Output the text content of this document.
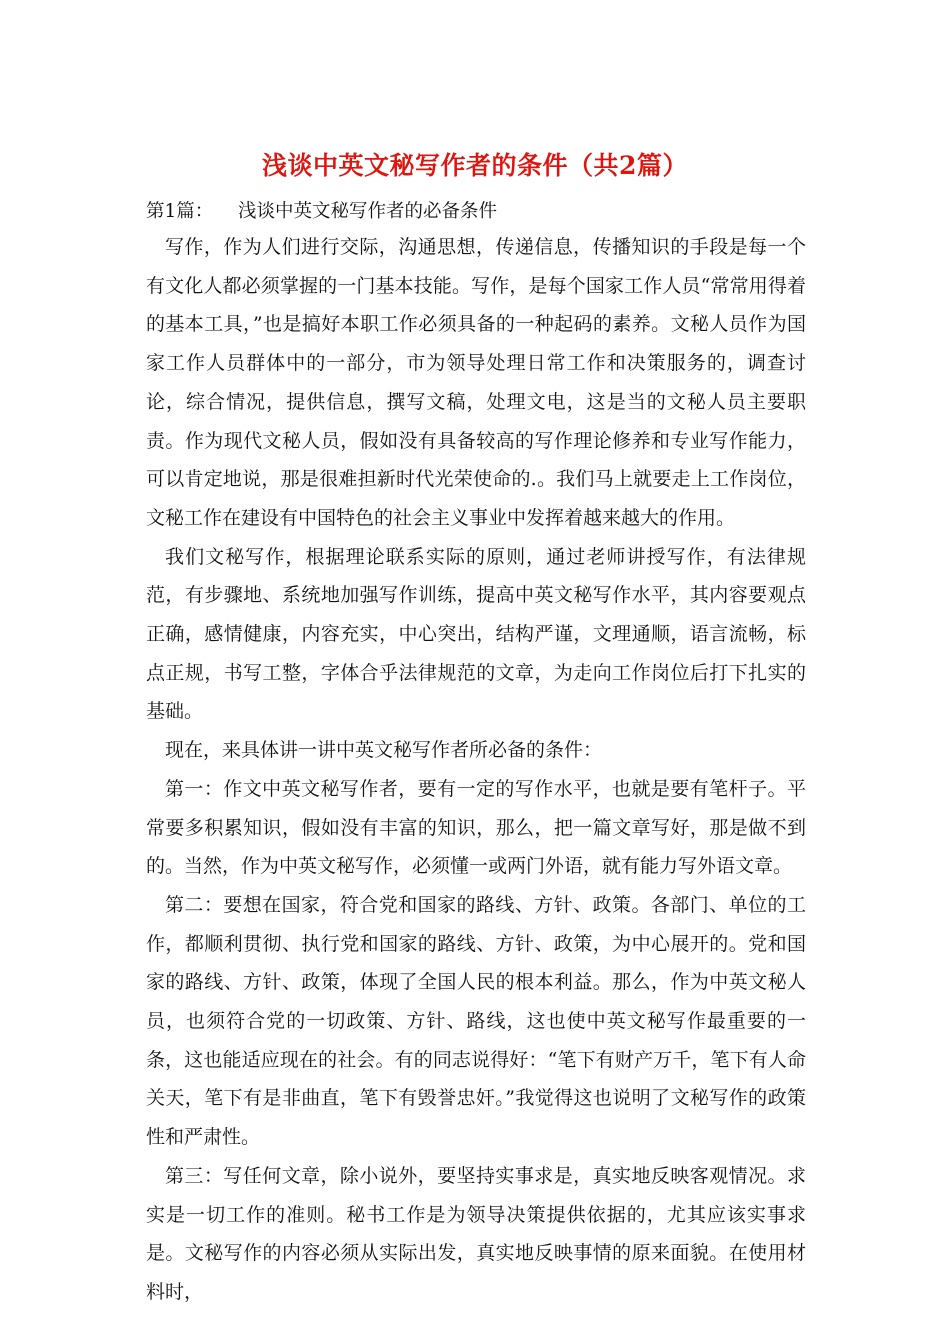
浅谈中英文秘写作者的条件（共2篇）
第1篇： 浅谈中英文秘写作者的必备条件

写作，作为人们进行交际，沟通思想，传递信息，传播知识的手段是每一个有文化人都必须掌握的一门基本技能。写作，是每个国家工作人员“常常用得着的基本工具，”也是搞好本职工作必须具备的一种起码的素养。文秘人员作为国家工作人员群体中的一部分，市为领导处理日常工作和决策服务的，调查讨论，综合情况，提供信息，撰写文稿，处理文电，这是当的文秘人员主要职责。作为现代文秘人员，假如没有具备较高的写作理论修养和专业写作能力，可以肯定地说，那是很难担新时代光荣使命的.。我们马上就要走上工作岗位，文秘工作在建设有中国特色的社会主义事业中发挥着越来越大的作用。

我们文秘写作，根据理论联系实际的原则，通过老师讲授写作，有法律规范，有步骤地、系统地加强写作训练，提高中英文秘写作水平，其内容要观点正确，感情健康，内容充实，中心突出，结构严谨，文理通顺，语言流畅，标点正规，书写工整，字体合乎法律规范的文章，为走向工作岗位后打下扎实的基础。

现在，来具体讲一讲中英文秘写作者所必备的条件：

第一：作文中英文秘写作者，要有一定的写作水平，也就是要有笔杆子。平常要多积累知识，假如没有丰富的知识，那么，把一篇文章写好，那是做不到的。当然，作为中英文秘写作，必须懂一或两门外语，就有能力写外语文章。

第二：要想在国家，符合党和国家的路线、方针、政策。各部门、单位的工作，都顺利贯彻、执行党和国家的路线、方针、政策，为中心展开的。党和国家的路线、方针、政策，体现了全国人民的根本利益。那么，作为中英文秘人员，也须符合党的一切政策、方针、路线，这也使中英文秘写作最重要的一条，这也能适应现在的社会。有的同志说得好：“笔下有财产万千，笔下有人命关天，笔下有是非曲直，笔下有毁誉忠奸。”我觉得这也说明了文秘写作的政策性和严肃性。

第三：写任何文章，除小说外，要坚持实事求是，真实地反映客观情况。求实是一切工作的准则。秘书工作是为领导决策提供依据的，尤其应该实事求是。文秘写作的内容必须从实际出发，真实地反映事情的原来面貌。在使用材料时，
